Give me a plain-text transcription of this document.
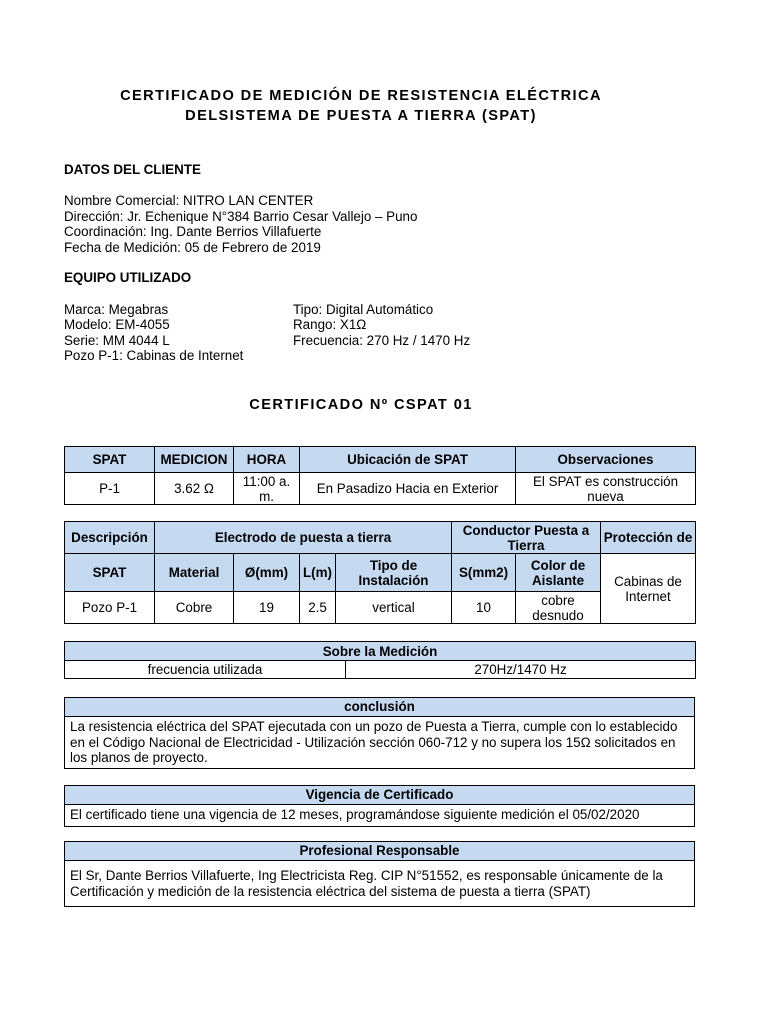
CERTIFICADO DE MEDICIÓN DE RESISTENCIA ELÉCTRICA
DELSISTEMA DE PUESTA A TIERRA (SPAT)
DATOS DEL CLIENTE
Nombre Comercial: NITRO LAN CENTER
Dirección: Jr. Echenique N°384 Barrio Cesar Vallejo – Puno
Coordinación: Ing. Dante Berrios Villafuerte
Fecha de Medición: 05 de Febrero de 2019
EQUIPO UTILIZADO
Marca: Megabras
Modelo: EM-4055
Serie: MM 4044 L
Pozo P-1: Cabinas de Internet
Tipo: Digital Automático
Rango: X1Ω
Frecuencia: 270 Hz / 1470 Hz
CERTIFICADO Nº CSPAT 01
SPAT	MEDICION	HORA	Ubicación de SPAT	Observaciones
P-1	3.62 Ω	11:00 a. m.	En Pasadizo Hacia en Exterior	El SPAT es construcción nueva
Descripción	Electrodo de puesta a tierra				Conductor Puesta a Tierra		Protección de
SPAT	Material	Ø(mm)	L(m)	Tipo de Instalación	S(mm2)	Color de Aislante	Cabinas de Internet
Pozo P-1	Cobre	19	2.5	vertical	10	cobre desnudo	
Sobre la Medición
frecuencia utilizada	270Hz/1470 Hz
conclusión
La resistencia eléctrica del SPAT ejecutada con un pozo de Puesta a Tierra, cumple con lo establecido en el Código Nacional de Electricidad - Utilización sección 060-712 y no supera los 15Ω solicitados en los planos de proyecto.
Vigencia de Certificado
El certificado tiene una vigencia de 12 meses, programándose siguiente medición el 05/02/2020
Profesional Responsable
El Sr, Dante Berrios Villafuerte, Ing Electricista Reg. CIP N°51552, es responsable únicamente de la Certificación y medición de la resistencia eléctrica del sistema de puesta a tierra (SPAT)
